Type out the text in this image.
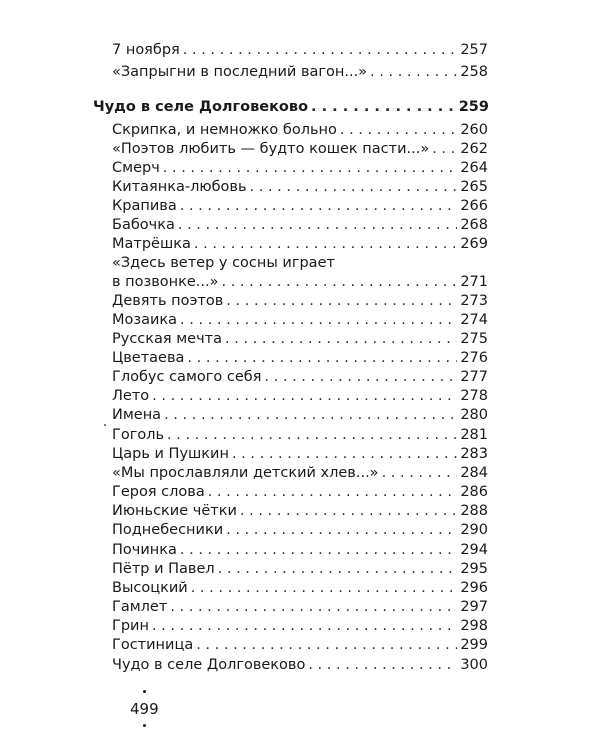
7 ноября . . .	257
«Запрыгни в последний вагон...» . . .	258
Чудо в селе Долговеково . . .	259
Скрипка, и немножко больно . . .	260
«Поэтов любить — будто кошек пасти...» . . . 262
Смерч . . .	264
Китаянка-любовь . . .	265
Крапива . . .	266
Бабочка . . .	268
Матрёшка . . .	269
«Здесь ветер у сосны играет
в позвонке...» . . .	271
Девять поэтов . . .	273
Мозаика . . .	274
Русская мечта . . .	275
Цветаева . . .	276
Глобус самого себя . . .	277
Лето . . .	278
Имена . . .	280
Гоголь . . .	281
Царь и Пушкин . . .	283
«Мы прославляли детский хлев...» . . .	284
Героя слова . . .	286
Июньские чётки . . .	288
Поднебесники . . .	290
Починка . . .	294
Пётр и Павел . . .	295
Высоцкий . . .	296
Гамлет . . .	297
Грин . . .	298
Гостиница . . .	299
Чудо в селе Долговеково . . .	300
499
